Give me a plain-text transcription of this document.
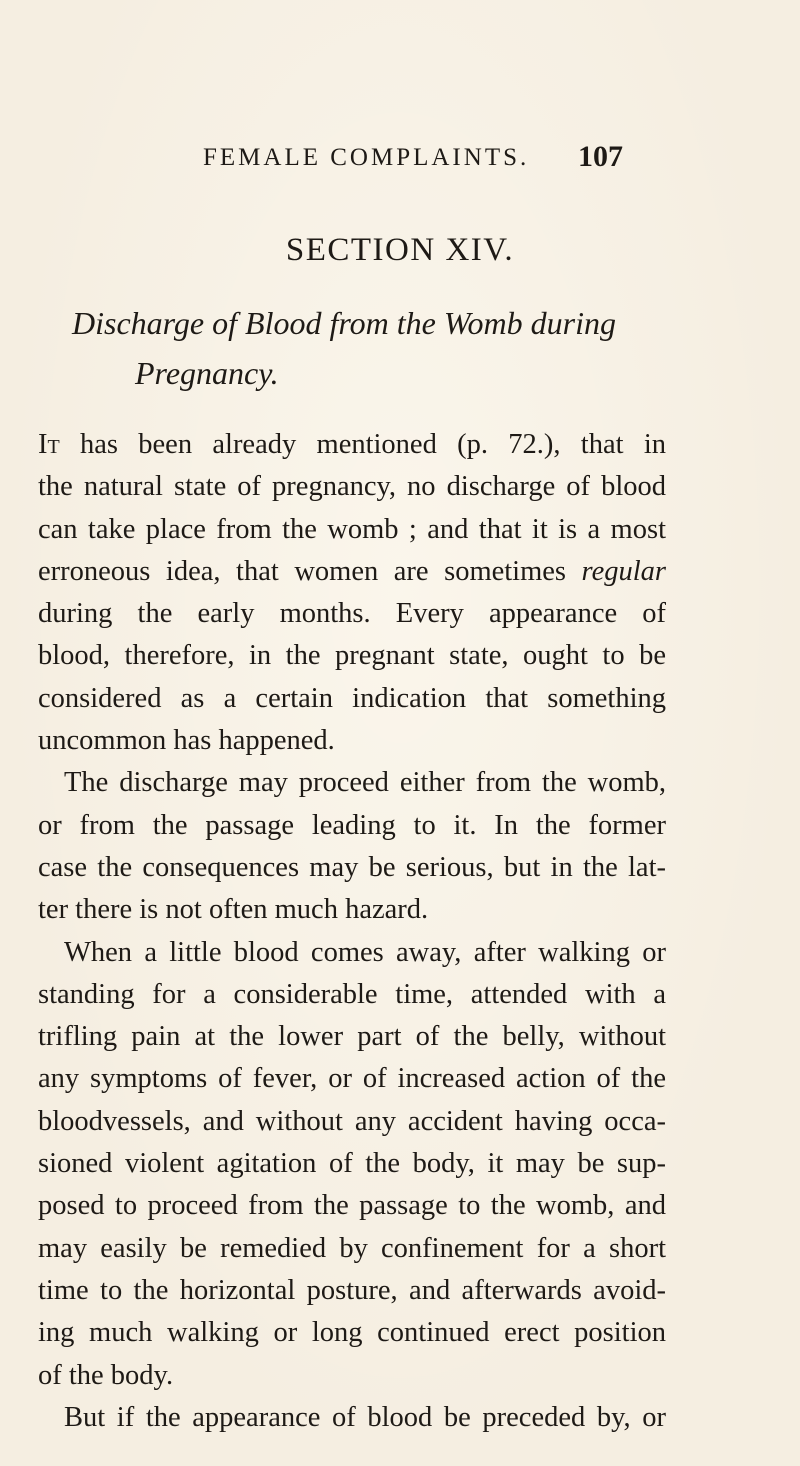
FEMALE COMPLAINTS. 107
SECTION XIV.
Discharge of Blood from the Womb during
Pregnancy.
It has been already mentioned (p. 72.), that in
the natural state of pregnancy, no discharge of blood
can take place from the womb ; and that it is a most
erroneous idea, that women are sometimes regular
during the early months. Every appearance of
blood, therefore, in the pregnant state, ought to be
considered as a certain indication that something
uncommon has happened.
The discharge may proceed either from the womb,
or from the passage leading to it. In the former
case the consequences may be serious, but in the lat-
ter there is not often much hazard.
When a little blood comes away, after walking or
standing for a considerable time, attended with a
trifling pain at the lower part of the belly, without
any symptoms of fever, or of increased action of the
bloodvessels, and without any accident having occa-
sioned violent agitation of the body, it may be sup-
posed to proceed from the passage to the womb, and
may easily be remedied by confinement for a short
time to the horizontal posture, and afterwards avoid-
ing much walking or long continued erect position
of the body.
But if the appearance of blood be preceded by, or
